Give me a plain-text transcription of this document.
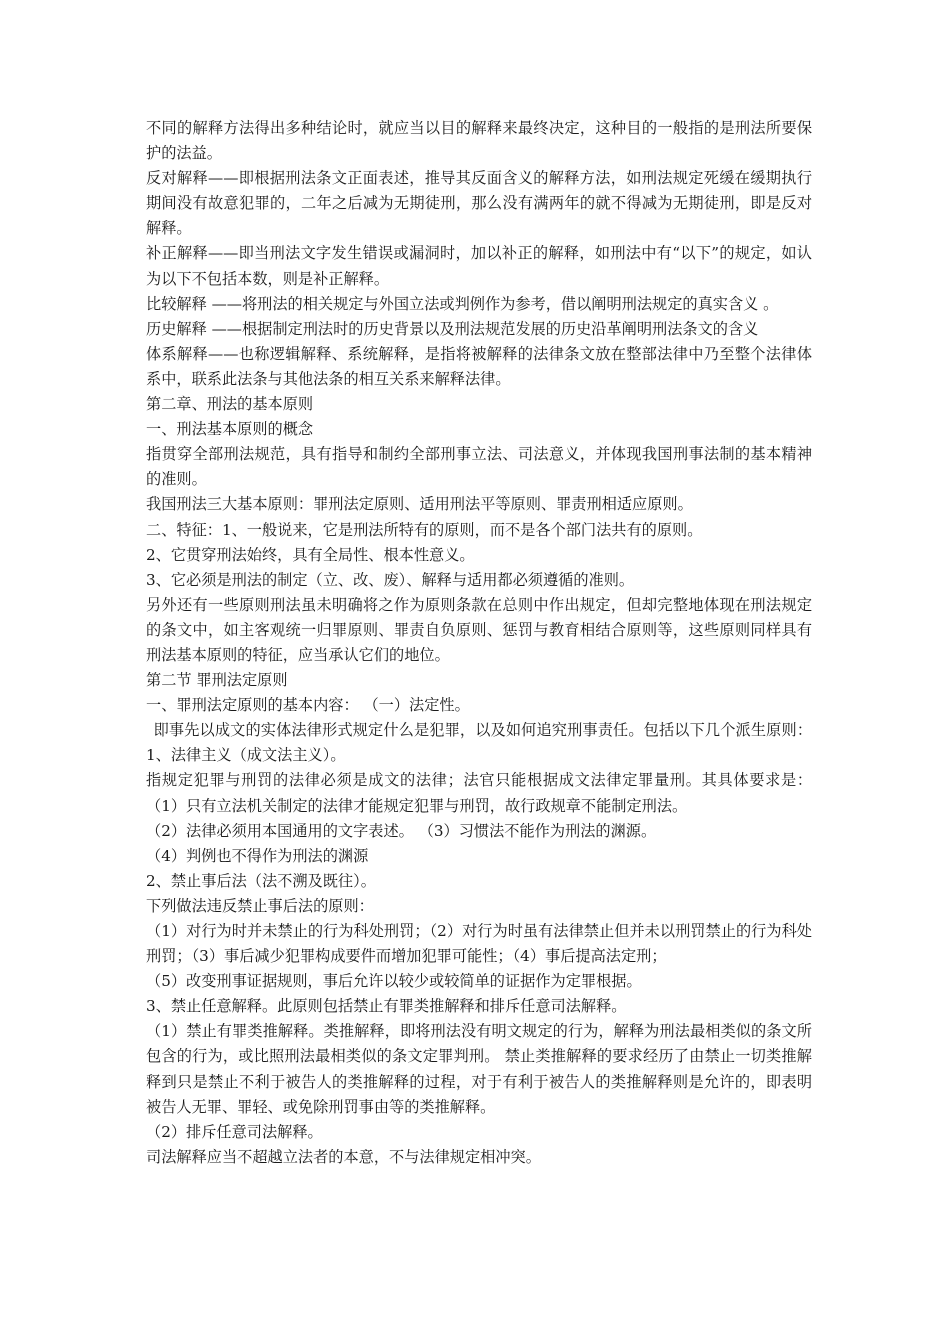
不同的解释方法得出多种结论时，就应当以目的解释来最终决定，这种目的一般指的是刑法所要保护的法益。

反对解释——即根据刑法条文正面表述，推导其反面含义的解释方法，如刑法规定死缓在缓期执行期间没有故意犯罪的，二年之后减为无期徒刑，那么没有满两年的就不得减为无期徒刑，即是反对解释。

补正解释——即当刑法文字发生错误或漏洞时，加以补正的解释，如刑法中有“以下”的规定，如认为以下不包括本数，则是补正解释。

比较解释 ——将刑法的相关规定与外国立法或判例作为参考，借以阐明刑法规定的真实含义 。

历史解释 ——根据制定刑法时的历史背景以及刑法规范发展的历史沿革阐明刑法条文的含义

体系解释——也称逻辑解释、系统解释，是指将被解释的法律条文放在整部法律中乃至整个法律体系中，联系此法条与其他法条的相互关系来解释法律。

第二章、刑法的基本原则

一、刑法基本原则的概念

指贯穿全部刑法规范，具有指导和制约全部刑事立法、司法意义，并体现我国刑事法制的基本精神的准则。

我国刑法三大基本原则：罪刑法定原则、适用刑法平等原则、罪责刑相适应原则。

二、特征：1、一般说来，它是刑法所特有的原则，而不是各个部门法共有的原则。

2、它贯穿刑法始终，具有全局性、根本性意义。

3、它必须是刑法的制定（立、改、废）、解释与适用都必须遵循的准则。

另外还有一些原则刑法虽未明确将之作为原则条款在总则中作出规定，但却完整地体现在刑法规定的条文中，如主客观统一归罪原则、罪责自负原则、惩罚与教育相结合原则等，这些原则同样具有刑法基本原则的特征，应当承认它们的地位。

第二节 罪刑法定原则

一、罪刑法定原则的基本内容： （一）法定性。

即事先以成文的实体法律形式规定什么是犯罪，以及如何追究刑事责任。包括以下几个派生原则： 1、法律主义（成文法主义）。

指规定犯罪与刑罚的法律必须是成文的法律；法官只能根据成文法律定罪量刑。其具体要求是： （1）只有立法机关制定的法律才能规定犯罪与刑罚，故行政规章不能制定刑法。

（2）法律必须用本国通用的文字表述。 （3）习惯法不能作为刑法的渊源。

（4）判例也不得作为刑法的渊源

2、禁止事后法（法不溯及既往）。

下列做法违反禁止事后法的原则：

（1）对行为时并未禁止的行为科处刑罚；（2）对行为时虽有法律禁止但并未以刑罚禁止的行为科处刑罚；（3）事后减少犯罪构成要件而增加犯罪可能性；（4）事后提高法定刑；

（5）改变刑事证据规则，事后允许以较少或较简单的证据作为定罪根据。

3、禁止任意解释。此原则包括禁止有罪类推解释和排斥任意司法解释。

（1）禁止有罪类推解释。类推解释，即将刑法没有明文规定的行为，解释为刑法最相类似的条文所包含的行为，或比照刑法最相类似的条文定罪判刑。 禁止类推解释的要求经历了由禁止一切类推解释到只是禁止不利于被告人的类推解释的过程，对于有利于被告人的类推解释则是允许的，即表明被告人无罪、罪轻、或免除刑罚事由等的类推解释。

（2）排斥任意司法解释。

司法解释应当不超越立法者的本意，不与法律规定相冲突。
